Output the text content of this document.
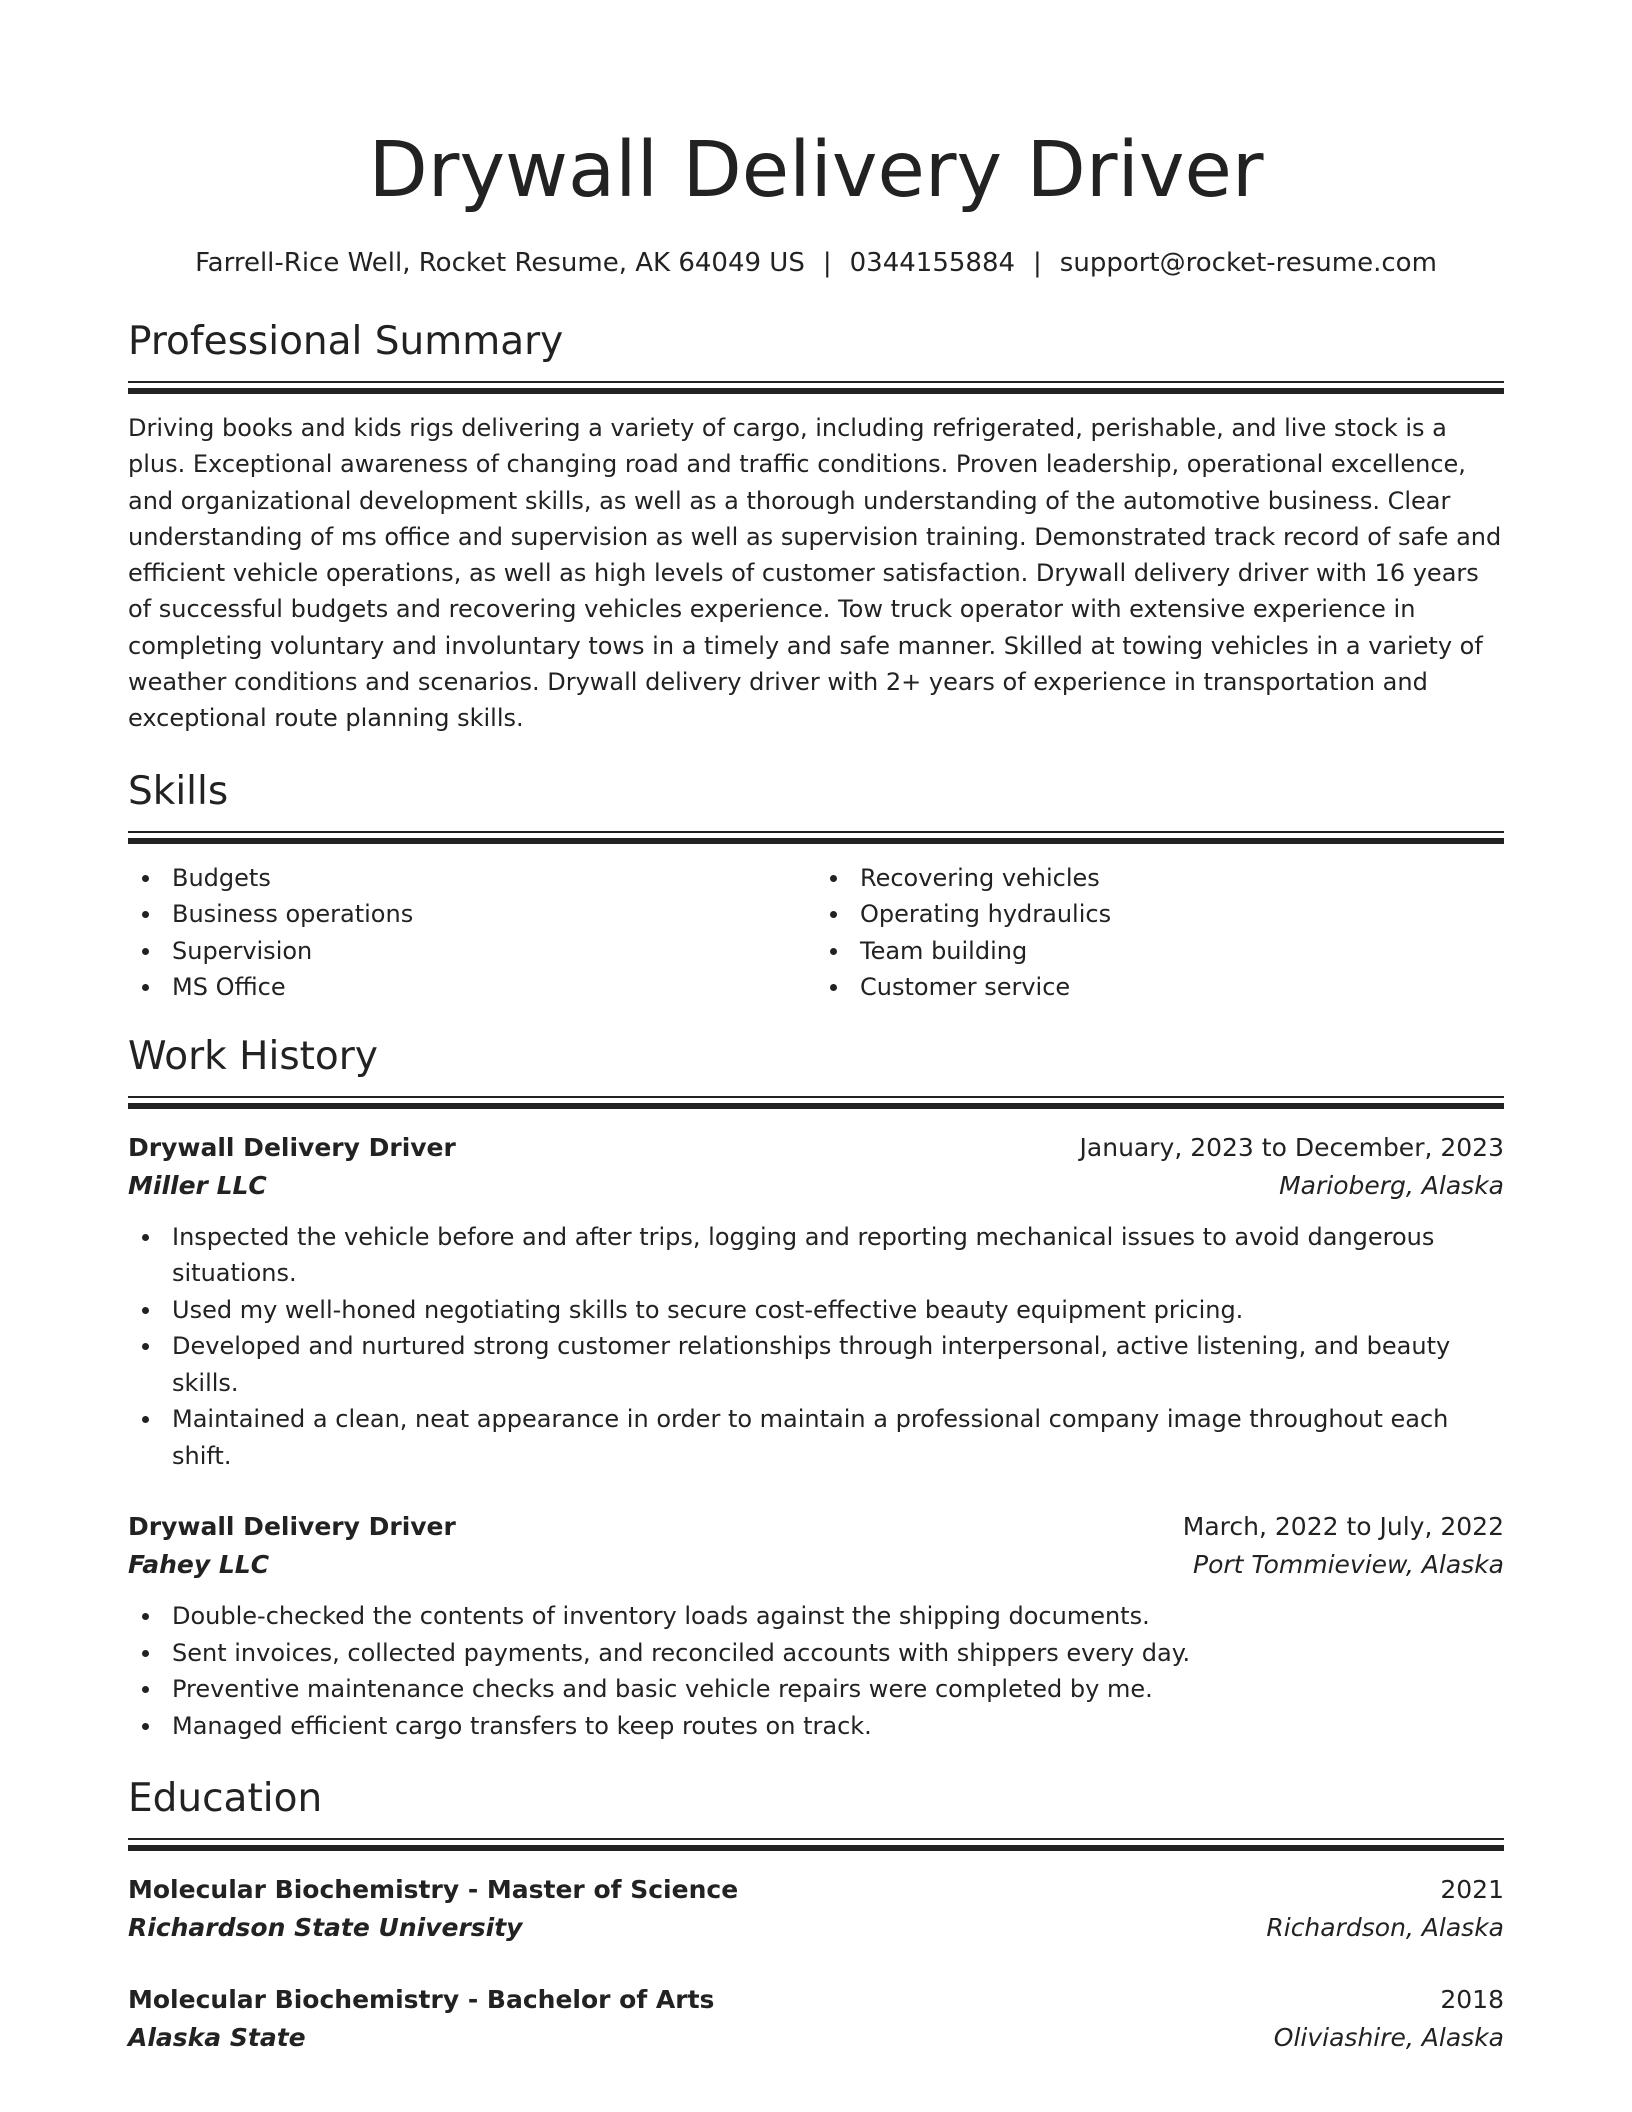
Drywall Delivery Driver
Farrell-Rice Well, Rocket Resume, AK 64049 US | 0344155884 | support@rocket-resume.com
Professional Summary

Driving books and kids rigs delivering a variety of cargo, including refrigerated, perishable, and live stock is a plus. Exceptional awareness of changing road and traffic conditions. Proven leadership, operational excellence, and organizational development skills, as well as a thorough understanding of the automotive business. Clear understanding of ms office and supervision as well as supervision training. Demonstrated track record of safe and efficient vehicle operations, as well as high levels of customer satisfaction. Drywall delivery driver with 16 years of successful budgets and recovering vehicles experience. Tow truck operator with extensive experience in completing voluntary and involuntary tows in a timely and safe manner. Skilled at towing vehicles in a variety of weather conditions and scenarios. Drywall delivery driver with 2+ years of experience in transportation and exceptional route planning skills.

Skills
Budgets
Business operations
Supervision
MS Office
Recovering vehicles
Operating hydraulics
Team building
Customer service
Work History
Drywall Delivery Driver	January, 2023 to December, 2023
Miller LLC	Marioberg, Alaska
Inspected the vehicle before and after trips, logging and reporting mechanical issues to avoid dangerous situations.
Used my well-honed negotiating skills to secure cost-effective beauty equipment pricing.
Developed and nurtured strong customer relationships through interpersonal, active listening, and beauty skills.
Maintained a clean, neat appearance in order to maintain a professional company image throughout each shift.
Drywall Delivery Driver	March, 2022 to July, 2022
Fahey LLC	Port Tommieview, Alaska
Double-checked the contents of inventory loads against the shipping documents.
Sent invoices, collected payments, and reconciled accounts with shippers every day.
Preventive maintenance checks and basic vehicle repairs were completed by me.
Managed efficient cargo transfers to keep routes on track.
Education
Molecular Biochemistry - Master of Science	2021
Richardson State University	Richardson, Alaska
Molecular Biochemistry - Bachelor of Arts	2018
Alaska State	Oliviashire, Alaska
